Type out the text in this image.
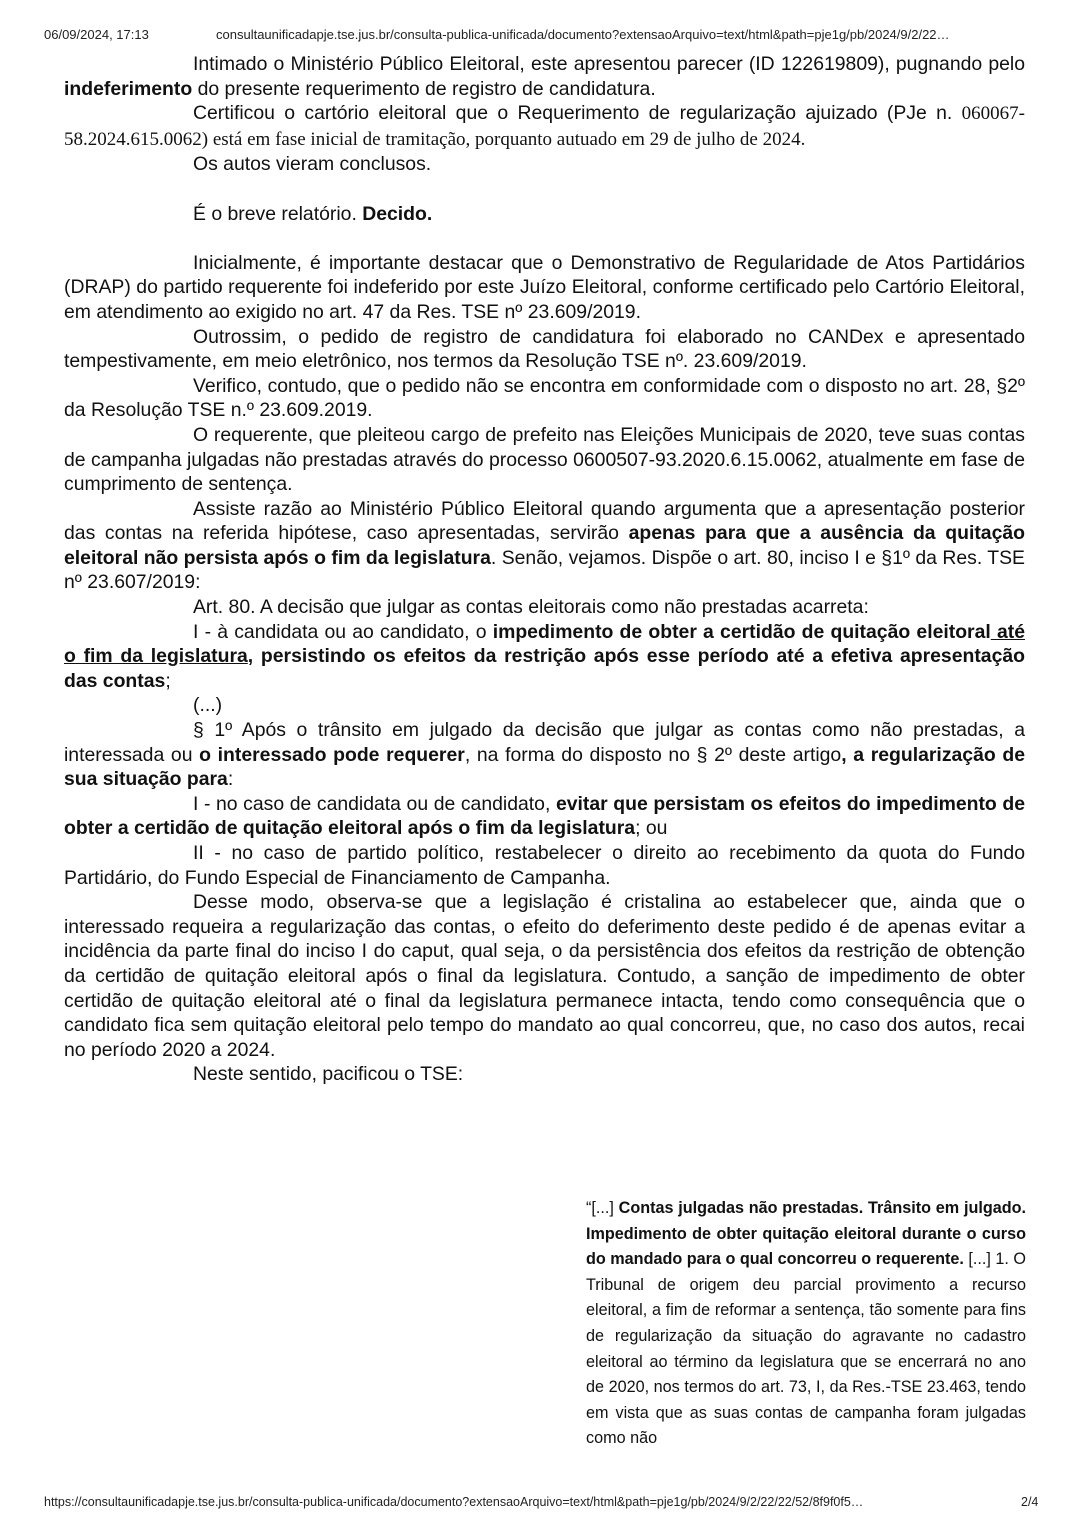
06/09/2024, 17:13	consultaunificadapje.tse.jus.br/consulta-publica-unificada/documento?extensaoArquivo=text/html&path=pje1g/pb/2024/9/2/22…

Intimado o Ministério Público Eleitoral, este apresentou parecer (ID 122619809), pugnando pelo indeferimento do presente requerimento de registro de candidatura.

Certificou o cartório eleitoral que o Requerimento de regularização ajuizado (PJe n. 060067-58.2024.615.0062) está em fase inicial de tramitação, porquanto autuado em 29 de julho de 2024.

Os autos vieram conclusos.

É o breve relatório. Decido.

Inicialmente, é importante destacar que o Demonstrativo de Regularidade de Atos Partidários (DRAP) do partido requerente foi indeferido por este Juízo Eleitoral, conforme certificado pelo Cartório Eleitoral, em atendimento ao exigido no art. 47 da Res. TSE nº 23.609/2019.

Outrossim, o pedido de registro de candidatura foi elaborado no CANDex e apresentado tempestivamente, em meio eletrônico, nos termos da Resolução TSE nº. 23.609/2019.

Verifico, contudo, que o pedido não se encontra em conformidade com o disposto no art. 28, §2º da Resolução TSE n.º 23.609.2019.

O requerente, que pleiteou cargo de prefeito nas Eleições Municipais de 2020, teve suas contas de campanha julgadas não prestadas através do processo 0600507-93.2020.6.15.0062, atualmente em fase de cumprimento de sentença.

Assiste razão ao Ministério Público Eleitoral quando argumenta que a apresentação posterior das contas na referida hipótese, caso apresentadas, servirão apenas para que a ausência da quitação eleitoral não persista após o fim da legislatura. Senão, vejamos. Dispõe o art. 80, inciso I e §1º da Res. TSE nº 23.607/2019:

Art. 80. A decisão que julgar as contas eleitorais como não prestadas acarreta:

I - à candidata ou ao candidato, o impedimento de obter a certidão de quitação eleitoral até o fim da legislatura, persistindo os efeitos da restrição após esse período até a efetiva apresentação das contas;

(...)

§ 1º Após o trânsito em julgado da decisão que julgar as contas como não prestadas, a interessada ou o interessado pode requerer, na forma do disposto no § 2º deste artigo, a regularização de sua situação para:

I - no caso de candidata ou de candidato, evitar que persistam os efeitos do impedimento de obter a certidão de quitação eleitoral após o fim da legislatura; ou

II - no caso de partido político, restabelecer o direito ao recebimento da quota do Fundo Partidário, do Fundo Especial de Financiamento de Campanha.

Desse modo, observa-se que a legislação é cristalina ao estabelecer que, ainda que o interessado requeira a regularização das contas, o efeito do deferimento deste pedido é de apenas evitar a incidência da parte final do inciso I do caput, qual seja, o da persistência dos efeitos da restrição de obtenção da certidão de quitação eleitoral após o final da legislatura. Contudo, a sanção de impedimento de obter certidão de quitação eleitoral até o final da legislatura permanece intacta, tendo como consequência que o candidato fica sem quitação eleitoral pelo tempo do mandato ao qual concorreu, que, no caso dos autos, recai no período 2020 a 2024.

Neste sentido, pacificou o TSE:

“[...] Contas julgadas não prestadas. Trânsito em julgado. Impedimento de obter quitação eleitoral durante o curso do mandado para o qual concorreu o requerente. [...] 1. O Tribunal de origem deu parcial provimento a recurso eleitoral, a fim de reformar a sentença, tão somente para fins de regularização da situação do agravante no cadastro eleitoral ao término da legislatura que se encerrará no ano de 2020, nos termos do art. 73, I, da Res.-TSE 23.463, tendo em vista que as suas contas de campanha foram julgadas como não
https://consultaunificadapje.tse.jus.br/consulta-publica-unificada/documento?extensaoArquivo=text/html&path=pje1g/pb/2024/9/2/22/22/52/8f9f0f5…	2/4
